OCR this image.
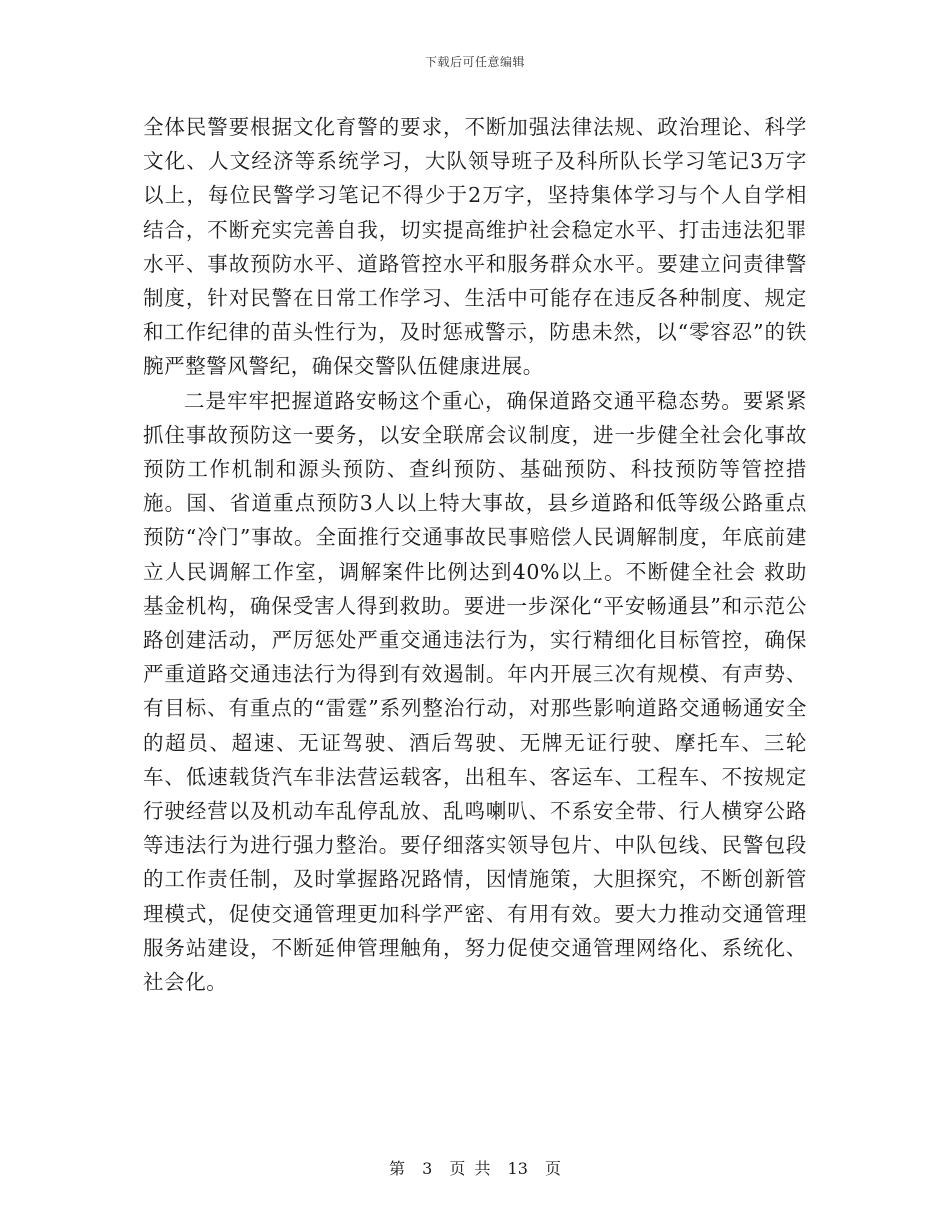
下载后可任意编辑

全体民警要根据文化育警的要求，不断加强法律法规、政治理论、科学文化、人文经济等系统学习，大队领导班子及科所队长学习笔记3万字以上，每位民警学习笔记不得少于2万字，坚持集体学习与个人自学相结合，不断充实完善自我，切实提高维护社会稳定水平、打击违法犯罪水平、事故预防水平、道路管控水平和服务群众水平。要建立问责律警制度，针对民警在日常工作学习、生活中可能存在违反各种制度、规定和工作纪律的苗头性行为，及时惩戒警示，防患未然，以“零容忍”的铁腕严整警风警纪，确保交警队伍健康进展。

二是牢牢把握道路安畅这个重心，确保道路交通平稳态势。要紧紧抓住事故预防这一要务，以安全联席会议制度，进一步健全社会化事故预防工作机制和源头预防、查纠预防、基础预防、科技预防等管控措施。国、省道重点预防3人以上特大事故，县乡道路和低等级公路重点预防“冷门”事故。全面推行交通事故民事赔偿人民调解制度，年底前建立人民调解工作室，调解案件比例达到40%以上。不断健全社会 救助基金机构，确保受害人得到救助。要进一步深化“平安畅通县”和示范公路创建活动，严厉惩处严重交通违法行为，实行精细化目标管控，确保严重道路交通违法行为得到有效遏制。年内开展三次有规模、有声势、有目标、有重点的“雷霆”系列整治行动，对那些影响道路交通畅通安全的超员、超速、无证驾驶、酒后驾驶、无牌无证行驶、摩托车、三轮车、低速载货汽车非法营运载客，出租车、客运车、工程车、不按规定行驶经营以及机动车乱停乱放、乱鸣喇叭、不系安全带、行人横穿公路等违法行为进行强力整治。要仔细落实领导包片、中队包线、民警包段的工作责任制，及时掌握路况路情，因情施策，大胆探究，不断创新管理模式，促使交通管理更加科学严密、有用有效。要大力推动交通管理服务站建设，不断延伸管理触角，努力促使交通管理网络化、系统化、社会化。

第 3 页 共 13 页
